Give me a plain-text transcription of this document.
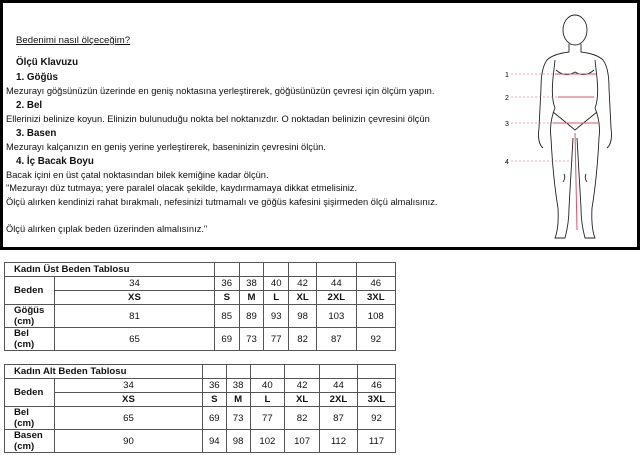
Bedenimi nasıl ölçeceğim?
Ölçü Klavuzu
1. Göğüs
Mezurayı göğsünüzün üzerinde en geniş noktasına yerleştirerek, göğüsünüzün çevresi için ölçüm yapın.
2. Bel
Ellerinizi belinize koyun. Elinizin bulunuduğu nokta bel noktanızdır. O noktadan belinizin çevresini ölçün
3. Basen
Mezurayı kalçanızın en geniş yerine yerleştirerek, baseninizin çevresini ölçün.
4. İç Bacak Boyu
Bacak içini en üst çatal noktasından bilek kemiğine kadar ölçün.
"Mezurayı düz tutmaya; yere paralel olacak şekilde, kaydırmamaya dikkat etmelisiniz.
Ölçü alırken kendinizi rahat bırakmalı, nefesinizi tutmamalı ve göğüs kafesini şişirmeden ölçü almalısınız.
Ölçü alırken çıplak beden üzerinden almalısınız."
1
2
3
4
Kadın Üst Beden Tablosu							
Beden	34	36	38	40	42	44	46
	XS	S	M	L	XL	2XL	3XL
Göğüs
(cm)	81	85	89	93	98	103	108
Bel
(cm)	65	69	73	77	82	87	92
Kadın Alt Beden Tablosu							
Beden	34	36	38	40	42	44	46
	XS	S	M	L	XL	2XL	3XL
Bel
(cm)	65	69	73	77	82	87	92
Basen
(cm)	90	94	98	102	107	112	117
